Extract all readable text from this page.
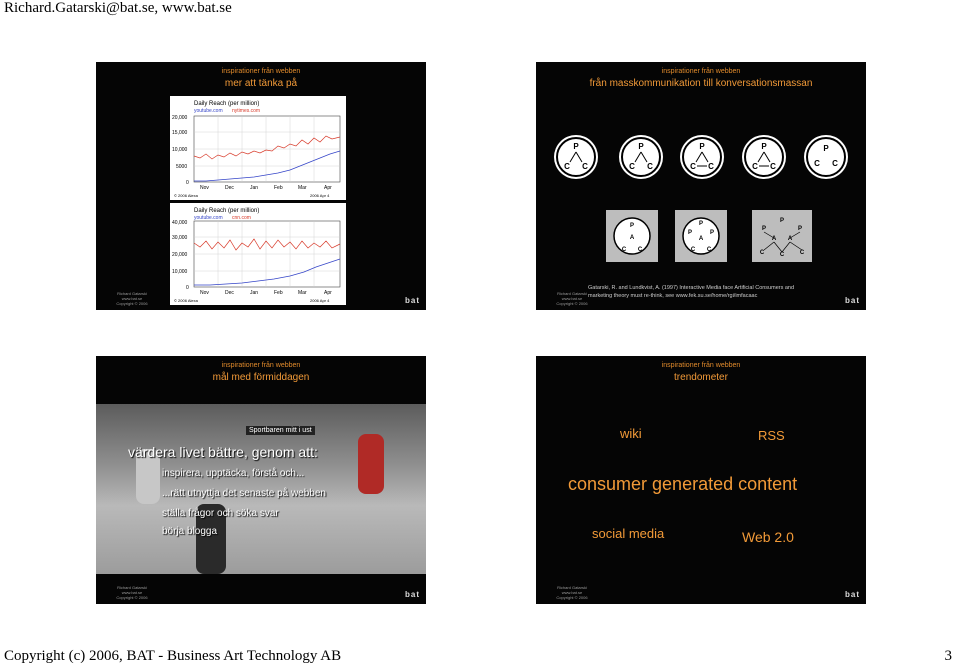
Richard.Gatarski@bat.se, www.bat.se
inspirationer från webben
mer att tänka på
Daily Reach (per million)
youtube.com nytimes.com
20,000
15,000
10,000
5000
0
Nov	Dec	Jan	Feb	Mar	Apr
© 2006 Alexa	2006 Apr 4
Daily Reach (per million)
youtube.com cnn.com
40,000
30,000
20,000
10,000
0
Nov	Dec	Jan	Feb	Mar	Apr
© 2006 Alexa	2006 Apr 4
Richard Gatarski
www.bat.se
Copyright © 2006	bat
inspirationer från webben
från masskommunikation till konversationsmassan
P
C C
P
C C
P
C C
P
C C
P
C C
P
A
C C
P
P	P
A
C C
P
P	P
A A
C	C	C
Gatarski, R. and Lundkvist, A. (1997) Interactive Media face Artificial Consumers and
marketing theory must re-think, see www.fek.su.se/home/rgi/imfacaac
Richard Gatarski
www.bat.se
Copyright © 2006	bat
inspirationer från webben
mål med förmiddagen
Sportbaren mitt i ust
värdera livet bättre, genom att:
inspirera, upptäcka, förstå och...
...rätt utnyttja det senaste på webben
ställa frågor och söka svar
börja blogga
Richard Gatarski
www.bat.se
Copyright © 2006	bat
inspirationer från webben
trendometer
wiki	RSS
consumer generated content
social media	Web 2.0
Richard Gatarski
www.bat.se
Copyright © 2006	bat
Copyright (c) 2006, BAT - Business Art Technology AB	3
